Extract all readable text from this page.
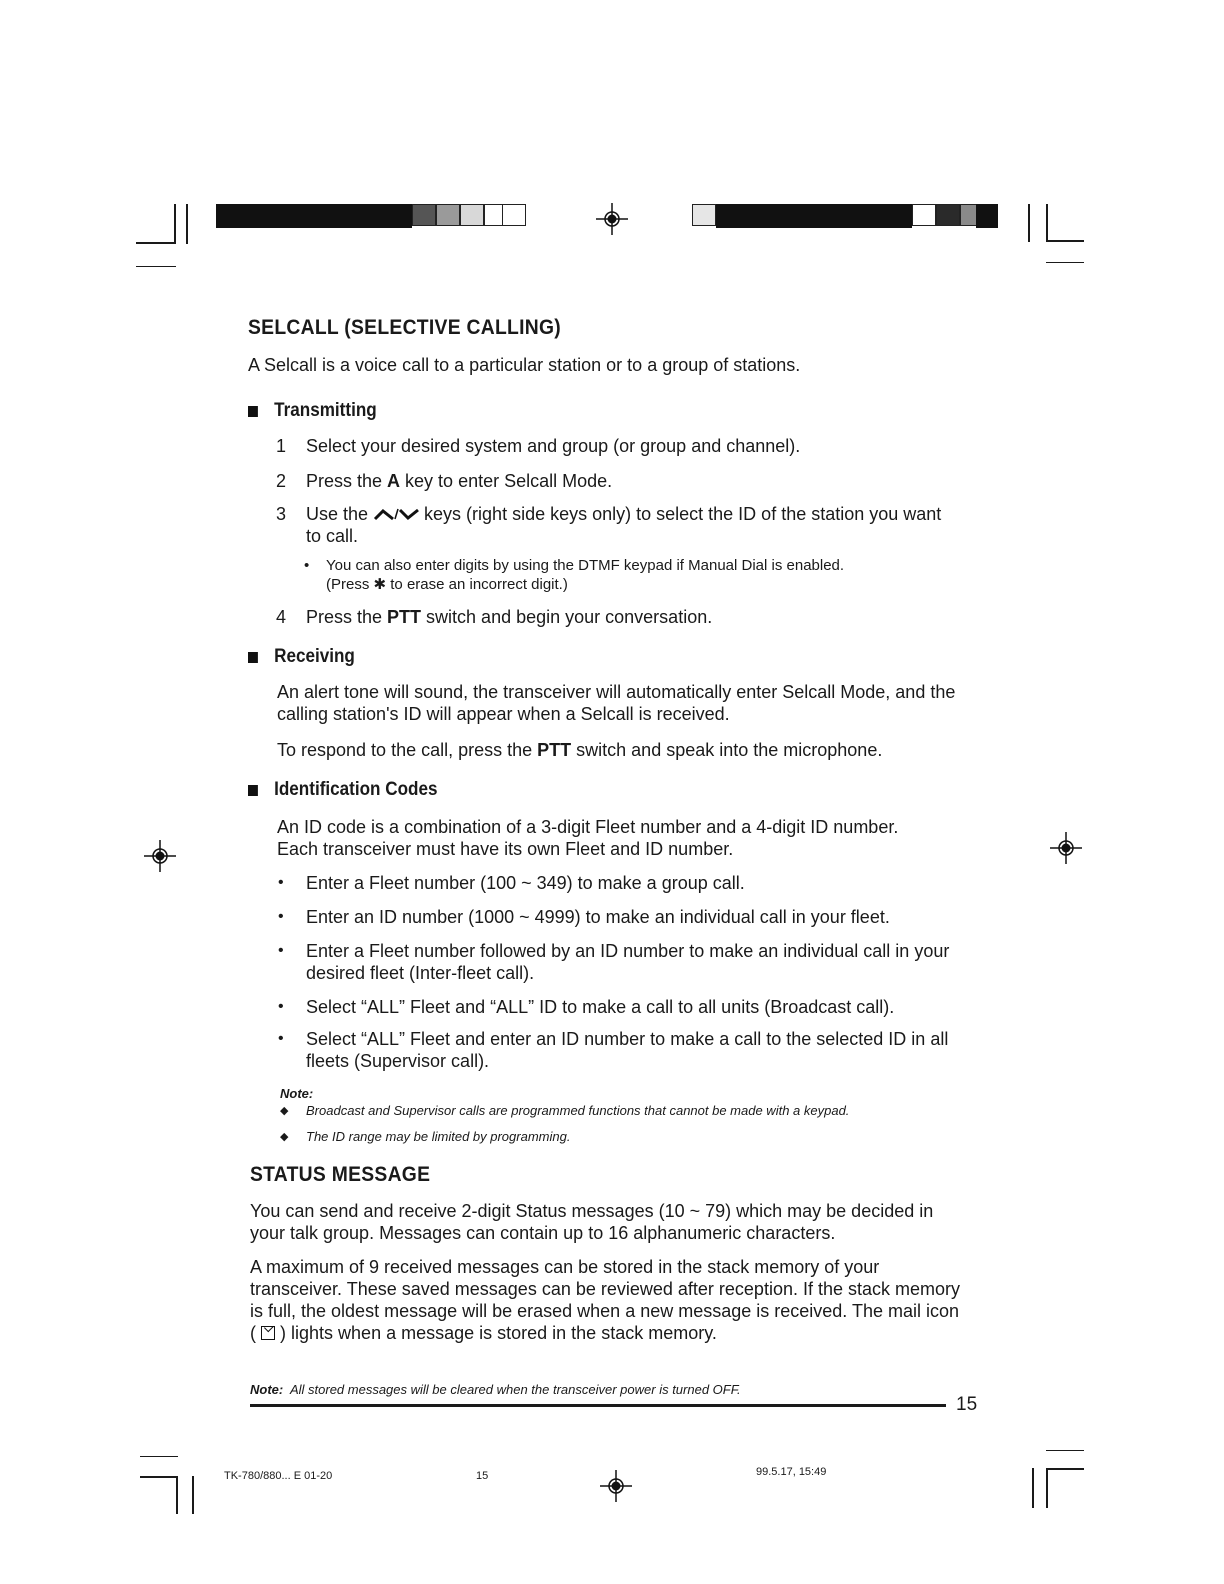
SELCALL (SELECTIVE CALLING)

A Selcall is a voice call to a particular station or to a group of stations.

Transmitting
1	Select your desired system and group (or group and channel).
2	Press the A key to enter Selcall Mode.
3	Use the	keys (right side keys only) to select the ID of the station you want to call.
•	You can also enter digits by using the DTMF keypad if Manual Dial is enabled.
(Press ✱ to erase an incorrect digit.)
4	Press the PTT switch and begin your conversation.
Receiving

An alert tone will sound, the transceiver will automatically enter Selcall Mode, and the calling station's ID will appear when a Selcall is received.

To respond to the call, press the PTT switch and speak into the microphone.

Identification Codes

An ID code is a combination of a 3-digit Fleet number and a 4-digit ID number. Each transceiver must have its own Fleet and ID number.

•	Enter a Fleet number (100 ~ 349) to make a group call.
•	Enter an ID number (1000 ~ 4999) to make an individual call in your fleet.
•	Enter a Fleet number followed by an ID number to make an individual call in your desired fleet (Inter-fleet call).
•	Select “ALL” Fleet and “ALL” ID to make a call to all units (Broadcast call).
•	Select “ALL” Fleet and enter an ID number to make a call to the selected ID in all fleets (Supervisor call).
Note:
◆	Broadcast and Supervisor calls are programmed functions that cannot be made with a keypad.
◆	The ID range may be limited by programming.
STATUS MESSAGE

You can send and receive 2-digit Status messages (10 ~ 79) which may be decided in your talk group. Messages can contain up to 16 alphanumeric characters.

A maximum of 9 received messages can be stored in the stack memory of your transceiver. These saved messages can be reviewed after reception. If the stack memory is full, the oldest message will be erased when a new message is received. The mail icon ( ) lights when a message is stored in the stack memory.

Note: All stored messages will be cleared when the transceiver power is turned OFF.
15
TK-780/880... E 01-20	15	99.5.17, 15:49
